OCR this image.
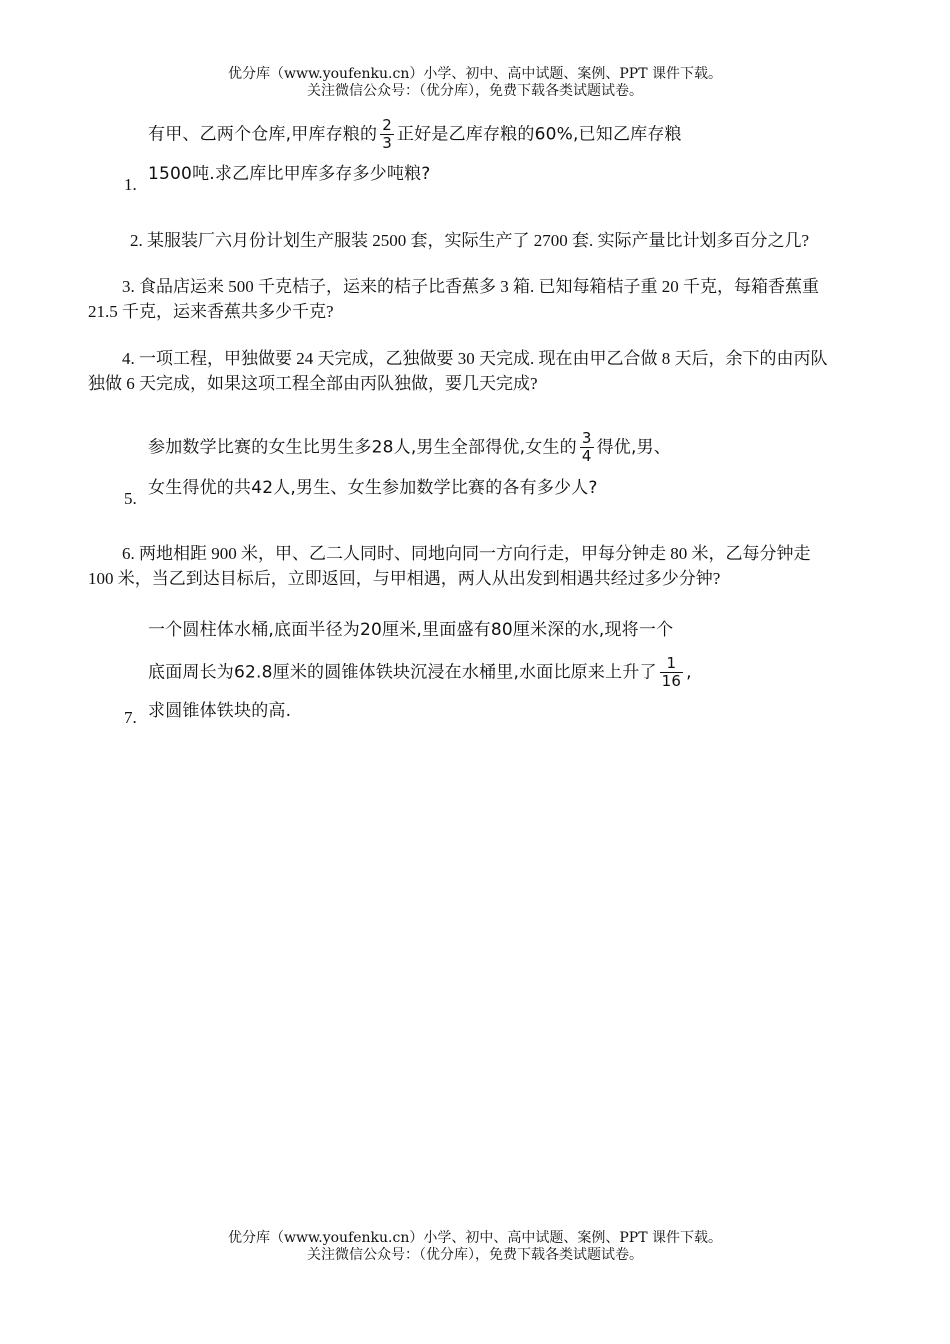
优分库（www.youfenku.cn）小学、初中、高中试题、案例、PPT 课件下载。
关注微信公众号：（优分库），免费下载各类试题试卷。
有甲、乙两个仓库,甲库存粮的 $\frac{2}{3}$ 正好是乙库存粮的60%,已知乙库存粮
1500吨.求乙库比甲库多存多少吨粮?
1.
2. 某服装厂六月份计划生产服装 2500 套，实际生产了 2700 套. 实际产量比计划多百分之几?
3. 食品店运来 500 千克桔子，运来的桔子比香蕉多 3 箱. 已知每箱桔子重 20 千克，每箱香蕉重
21.5 千克，运来香蕉共多少千克?
4. 一项工程，甲独做要 24 天完成，乙独做要 30 天完成. 现在由甲乙合做 8 天后，余下的由丙队
独做 6 天完成，如果这项工程全部由丙队独做，要几天完成?
参加数学比赛的女生比男生多28人,男生全部得优,女生的 $\frac{3}{4}$ 得优,男、
女生得优的共42人,男生、女生参加数学比赛的各有多少人?
5.
6. 两地相距 900 米，甲、乙二人同时、同地向同一方向行走，甲每分钟走 80 米，乙每分钟走
100 米，当乙到达目标后，立即返回，与甲相遇，两人从出发到相遇共经过多少分钟?
一个圆柱体水桶,底面半径为20厘米,里面盛有80厘米深的水,现将一个
底面周长为62.8厘米的圆锥体铁块沉浸在水桶里,水面比原来上升了 $\frac{1}{16}$ ,
求圆锥体铁块的高.
7.
优分库（www.youfenku.cn）小学、初中、高中试题、案例、PPT 课件下载。
关注微信公众号：（优分库），免费下载各类试题试卷。
